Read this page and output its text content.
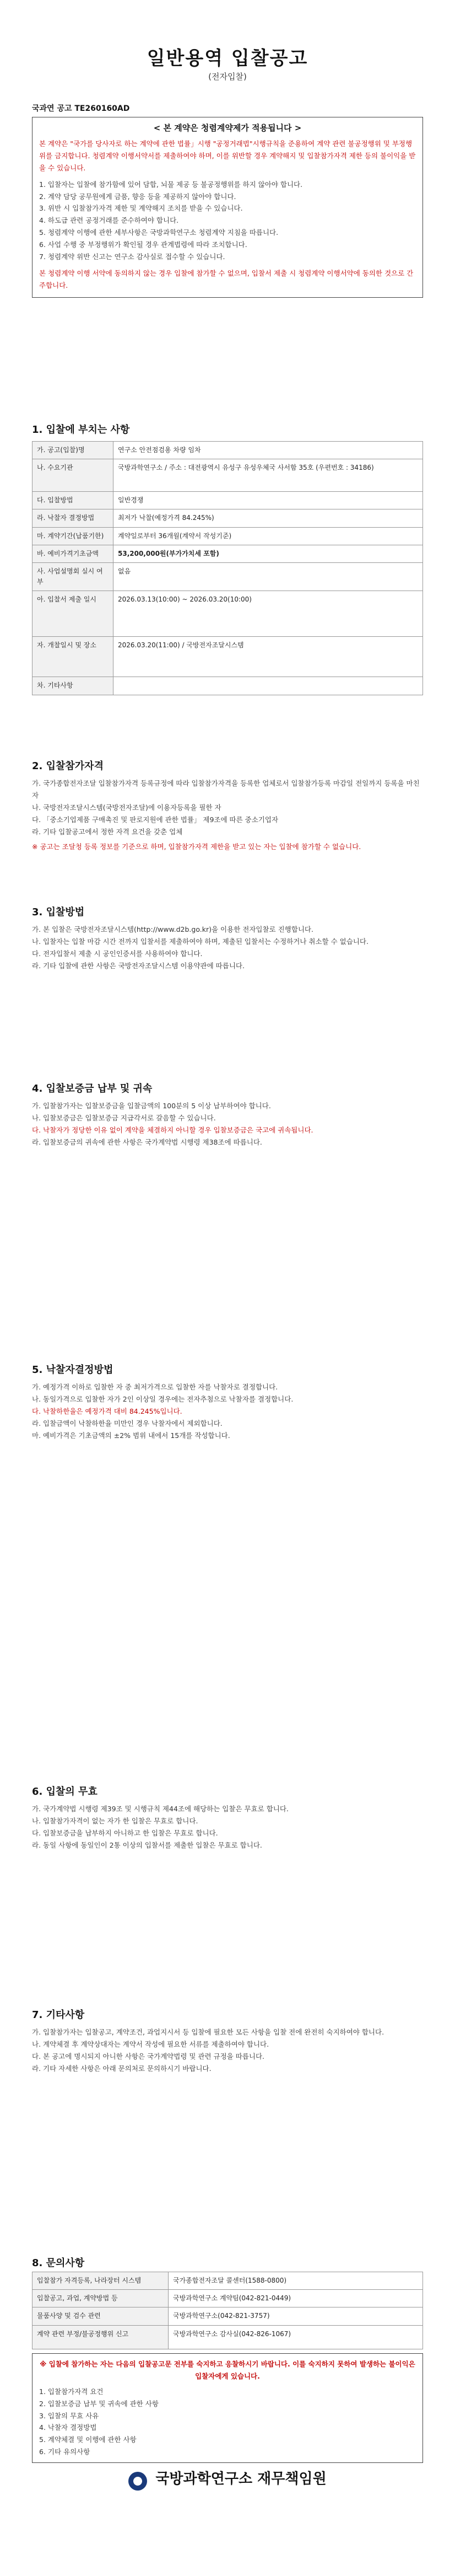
일반용역 입찰공고
(전자입찰)
국과연 공고 TE260160AD
< 본 계약은 청렴계약제가 적용됩니다 >
본 계약은 "국가를 당사자로 하는 계약에 관한 법률」시행 "공정거래법"시행규칙을 준용하여 계약 관련 불공정행위 및 부정행위를 금지합니다. 청렴계약 이행서약서를 제출하여야 하며, 이를 위반할 경우 계약해지 및 입찰참가자격 제한 등의 불이익을 받을 수 있습니다.
1. 입찰자는 입찰에 참가함에 있어 담합, 뇌물 제공 등 불공정행위를 하지 않아야 합니다.
2. 계약 담당 공무원에게 금품, 향응 등을 제공하지 않아야 합니다.
3. 위반 시 입찰참가자격 제한 및 계약해지 조치를 받을 수 있습니다.
4. 하도급 관련 공정거래를 준수하여야 합니다.
5. 청렴계약 이행에 관한 세부사항은 국방과학연구소 청렴계약 지침을 따릅니다.
6. 사업 수행 중 부정행위가 확인될 경우 관계법령에 따라 조치합니다.
7. 청렴계약 위반 신고는 연구소 감사실로 접수할 수 있습니다.
본 청렴계약 이행 서약에 동의하지 않는 경우 입찰에 참가할 수 없으며, 입찰서 제출 시 청렴계약 이행서약에 동의한 것으로 간주합니다.
1. 입찰에 부치는 사항
가. 공고(입찰)명	연구소 안전점검용 차량 임차
나. 수요기관	국방과학연구소 / 주소 : 대전광역시 유성구 유성우체국 사서함 35호 (우편번호 : 34186)
다. 입찰방법	일반경쟁
라. 낙찰자 결정방법	최저가 낙찰(예정가격 84.245%)
마. 계약기간(납품기한)	계약일로부터 36개월(계약서 작성기준)
바. 예비가격기초금액	53,200,000원(부가가치세 포함)
사. 사업설명회 실시 여부	없음
아. 입찰서 제출 일시	2026.03.13(10:00) ~ 2026.03.20(10:00)
자. 개찰일시 및 장소	2026.03.20(11:00) / 국방전자조달시스템
차. 기타사항	
2. 입찰참가자격
가. 국가종합전자조달 입찰참가자격 등록규정에 따라 입찰참가자격을 등록한 업체로서 입찰참가등록 마감일 전일까지 등록을 마친 자
나. 국방전자조달시스템(국방전자조달)에 이용자등록을 필한 자
다. 「중소기업제품 구매촉진 및 판로지원에 관한 법률」 제9조에 따른 중소기업자
라. 기타 입찰공고에서 정한 자격 요건을 갖춘 업체
※ 공고는 조달청 등록 정보를 기준으로 하며, 입찰참가자격 제한을 받고 있는 자는 입찰에 참가할 수 없습니다.
3. 입찰방법
가. 본 입찰은 국방전자조달시스템(http://www.d2b.go.kr)을 이용한 전자입찰로 진행합니다.
나. 입찰자는 입찰 마감 시간 전까지 입찰서를 제출하여야 하며, 제출된 입찰서는 수정하거나 취소할 수 없습니다.
다. 전자입찰서 제출 시 공인인증서를 사용하여야 합니다.
라. 기타 입찰에 관한 사항은 국방전자조달시스템 이용약관에 따릅니다.
4. 입찰보증금 납부 및 귀속
가. 입찰참가자는 입찰보증금을 입찰금액의 100분의 5 이상 납부하여야 합니다.
나. 입찰보증금은 입찰보증금 지급각서로 갈음할 수 있습니다.
다. 낙찰자가 정당한 이유 없이 계약을 체결하지 아니할 경우 입찰보증금은 국고에 귀속됩니다.
라. 입찰보증금의 귀속에 관한 사항은 국가계약법 시행령 제38조에 따릅니다.
5. 낙찰자결정방법
가. 예정가격 이하로 입찰한 자 중 최저가격으로 입찰한 자를 낙찰자로 결정합니다.
나. 동일가격으로 입찰한 자가 2인 이상일 경우에는 전자추첨으로 낙찰자를 결정합니다.
다. 낙찰하한율은 예정가격 대비 84.245%입니다.
라. 입찰금액이 낙찰하한율 미만인 경우 낙찰자에서 제외합니다.
마. 예비가격은 기초금액의 ±2% 범위 내에서 15개를 작성합니다.
6. 입찰의 무효
가. 국가계약법 시행령 제39조 및 시행규칙 제44조에 해당하는 입찰은 무효로 합니다.
나. 입찰참가자격이 없는 자가 한 입찰은 무효로 합니다.
다. 입찰보증금을 납부하지 아니하고 한 입찰은 무효로 합니다.
라. 동일 사항에 동일인이 2통 이상의 입찰서를 제출한 입찰은 무효로 합니다.
7. 기타사항
가. 입찰참가자는 입찰공고, 계약조건, 과업지시서 등 입찰에 필요한 모든 사항을 입찰 전에 완전히 숙지하여야 합니다.
나. 계약체결 후 계약상대자는 계약서 작성에 필요한 서류를 제출하여야 합니다.
다. 본 공고에 명시되지 아니한 사항은 국가계약법령 및 관련 규정을 따릅니다.
라. 기타 자세한 사항은 아래 문의처로 문의하시기 바랍니다.
8. 문의사항
입찰참가 자격등록, 나라장터 시스템	국가종합전자조달 콜센터(1588-0800)
입찰공고, 과업, 계약방법 등	국방과학연구소 계약팀(042-821-0449)
물품사양 및 검수 관련	국방과학연구소(042-821-3757)
계약 관련 부정/불공정행위 신고	국방과학연구소 감사실(042-826-1067)
※ 입찰에 참가하는 자는 다음의 입찰공고문 전부를 숙지하고 응찰하시기 바랍니다. 이를 숙지하지 못하여 발생하는 불이익은 입찰자에게 있습니다.
1. 입찰참가자격 요건
2. 입찰보증금 납부 및 귀속에 관한 사항
3. 입찰의 무효 사유
4. 낙찰자 결정방법
5. 계약체결 및 이행에 관한 사항
6. 기타 유의사항
국방과학연구소 재무책임원
